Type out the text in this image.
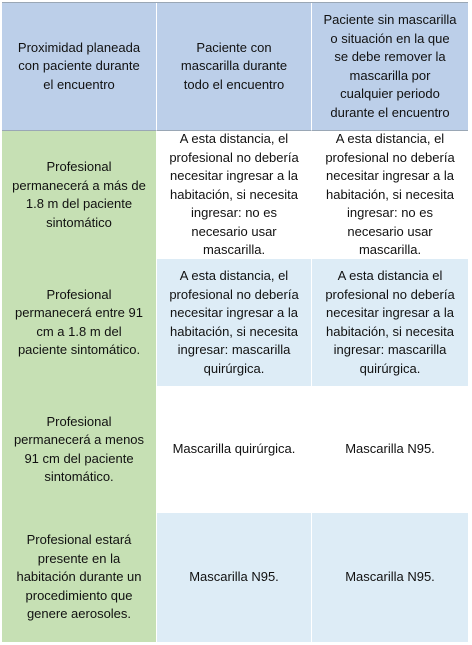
Proximidad planeada con paciente durante el encuentro
Paciente con mascarilla durante todo el encuentro
Paciente sin mascarilla o situación en la que se debe remover la mascarilla por cualquier periodo durante el encuentro
Profesional permanecerá a más de 1.8 m del paciente sintomático
A esta distancia, el profesional no debería necesitar ingresar a la habitación, si necesita ingresar: no es necesario usar mascarilla.
A esta distancia, el profesional no debería necesitar ingresar a la habitación, si necesita ingresar: no es necesario usar mascarilla.
Profesional permanecerá entre 91 cm a 1.8 m del paciente sintomático.
A esta distancia, el profesional no debería necesitar ingresar a la habitación, si necesita ingresar: mascarilla quirúrgica.
A esta distancia el profesional no debería necesitar ingresar a la habitación, si necesita ingresar: mascarilla quirúrgica.
Profesional permanecerá a menos 91 cm del paciente sintomático.
Mascarilla quirúrgica.	Mascarilla N95.
Profesional estará presente en la habitación durante un procedimiento que genere aerosoles.
Mascarilla N95.	Mascarilla N95.
